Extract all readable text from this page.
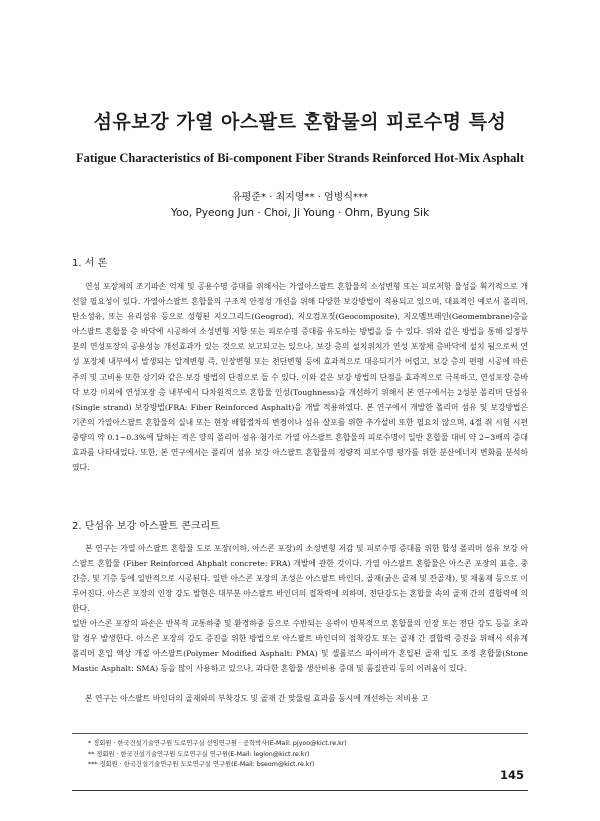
섬유보강 가열 아스팔트 혼합물의 피로수명 특성
Fatigue Characteristics of Bi-component Fiber Strands Reinforced Hot-Mix Asphalt
유평준* · 최지영** · 엄병식***
Yoo, Pyeong Jun · Choi, Ji Young · Ohm, Byung Sik
1. 서 론

연성 포장체의 조기파손 억제 및 공용수명 증대를 위해서는 가열아스팔트 혼합물의 소성변형 또는 피로저항 물성을 획기적으로 개선할 필요성이 있다. 가열아스팔트 혼합물의 구조적 안정성 개선을 위해 다양한 보강방법이 적용되고 있으며, 대표적인 예로서 폴리머, 탄소섬유, 또는 유리섬유 등으로 성형된 지오그리드(Geogrod), 지오컴포짓(Geocomposite), 지오멤브레인(Geomembrane)층을 아스팔트 혼합물 층 바닥에 시공하여 소성변형 저항 또는 피로수명 증대를 유도하는 방법을 들 수 있다. 위와 같은 방법을 통해 일정부분의 연성포장의 공용성능 개선효과가 있는 것으로 보고되고는 있으나, 보강 층의 설치위치가 연성 포장체 층바닥에 설치 됨으로써 연성 포장체 내부에서 발생되는 압계변형 즉, 인장변형 또는 전단변형 등에 효과적으로 대응되기가 어렵고, 보강 층의 편평 시공에 따른 주의 및 고비용 또한 상기와 같은 보강 방법의 단점으로 들 수 있다. 이와 같은 보강 방법의 단점을 효과적으로 극복하고, 연성포장 층바닥 보강 이외에 연성포장 층 내부에서 다차원적으로 혼합물 인성(Toughness)을 개선하기 위해서 본 연구에서는 2성분 폴리머 단섬유(Single strand) 보강방법(FRA: Fiber Reinforced Asphalt)을 개발 적용하였다. 본 연구에서 개발한 폴리머 섬유 및 보강방법은 기존의 가열아스팔트 혼합물의 실내 또는 현장 배합절차의 변경이나 섬유 살포를 위한 추가설비 또한 필요치 않으며, 4절 쥐 시험 시편 중량의 약 0.1~0.3%에 달하는 적은 양의 폴리머 섬유 첨가로 가열 아스팔트 혼합물의 피로수명이 일반 혼합물 대비 약 2~3배의 증대 효과를 나타내었다. 또한, 본 연구에서는 폴리머 섬유 보강 아스팔트 혼합물의 정량적 피로수명 평가를 위한 분산에너지 변화를 분석하였다.

2. 단섬유 보강 아스팔트 콘크리트

본 연구는 가열 아스팔트 혼합물 도로 포장(이하, 아스콘 포장)의 소성변형 저감 및 피로수명 증대를 위한 합성 폴리머 섬유 보강 아스팔트 혼합물 (Fiber Reinforced Ahphalt concrete: FRA) 개발에 관한 것이다. 가열 아스팔트 혼합물은 아스콘 포장의 표층, 중간층, 및 기층 등에 일반적으로 시공된다. 일반 아스콘 포장의 조성은 아스팔트 바인더, 골재(굵은 골재 및 잔골재), 및 채움재 등으로 이루어진다. 아스콘 포장의 인장 강도 발현은 대부분 아스팔트 바인더의 접착력에 의하며, 전단강도는 혼합물 속의 골재 간의 결합력에 의한다.

일반 아스콘 포장의 파손은 반복적 교통하중 및 환경하중 등으로 수반되는 응력이 반복적으로 혼합물의 인장 또는 전단 강도 등을 초과할 경우 발생한다. 아스콘 포장의 강도 증진을 위한 방법으로 아스팔트 바인더의 점착강도 또는 골재 간 결합력 증진을 위해서 석유계 폴리머 혼입 액상 개질 아스팔트(Polymer Modified Asphalt: PMA) 및 셀룰로스 파이버가 혼입된 골재 입도 조정 혼합물(Stone Mastic Asphalt: SMA) 등을 많이 사용하고 있으나, 과다한 혼합물 생산비용 증대 및 품질관리 등의 어려움이 있다.

본 연구는 아스팔트 바인더의 골재와의 부착강도 및 골재 간 맞물림 효과를 동시에 개선하는 저비용 고

* 정회원 · 한국건설기술연구원 도로연구실 선임연구원 · 공학박사(E-Mail: pjyoo@kict.re.kr)
** 정회원 · 한국건설기술연구원 도로연구실 연구원(E-Mail: legion@kict.re.kr)
*** 정회원 · 한국건설기술연구원 도로연구실 연구원(E-Mail: bseom@kict.re.kr)
145
